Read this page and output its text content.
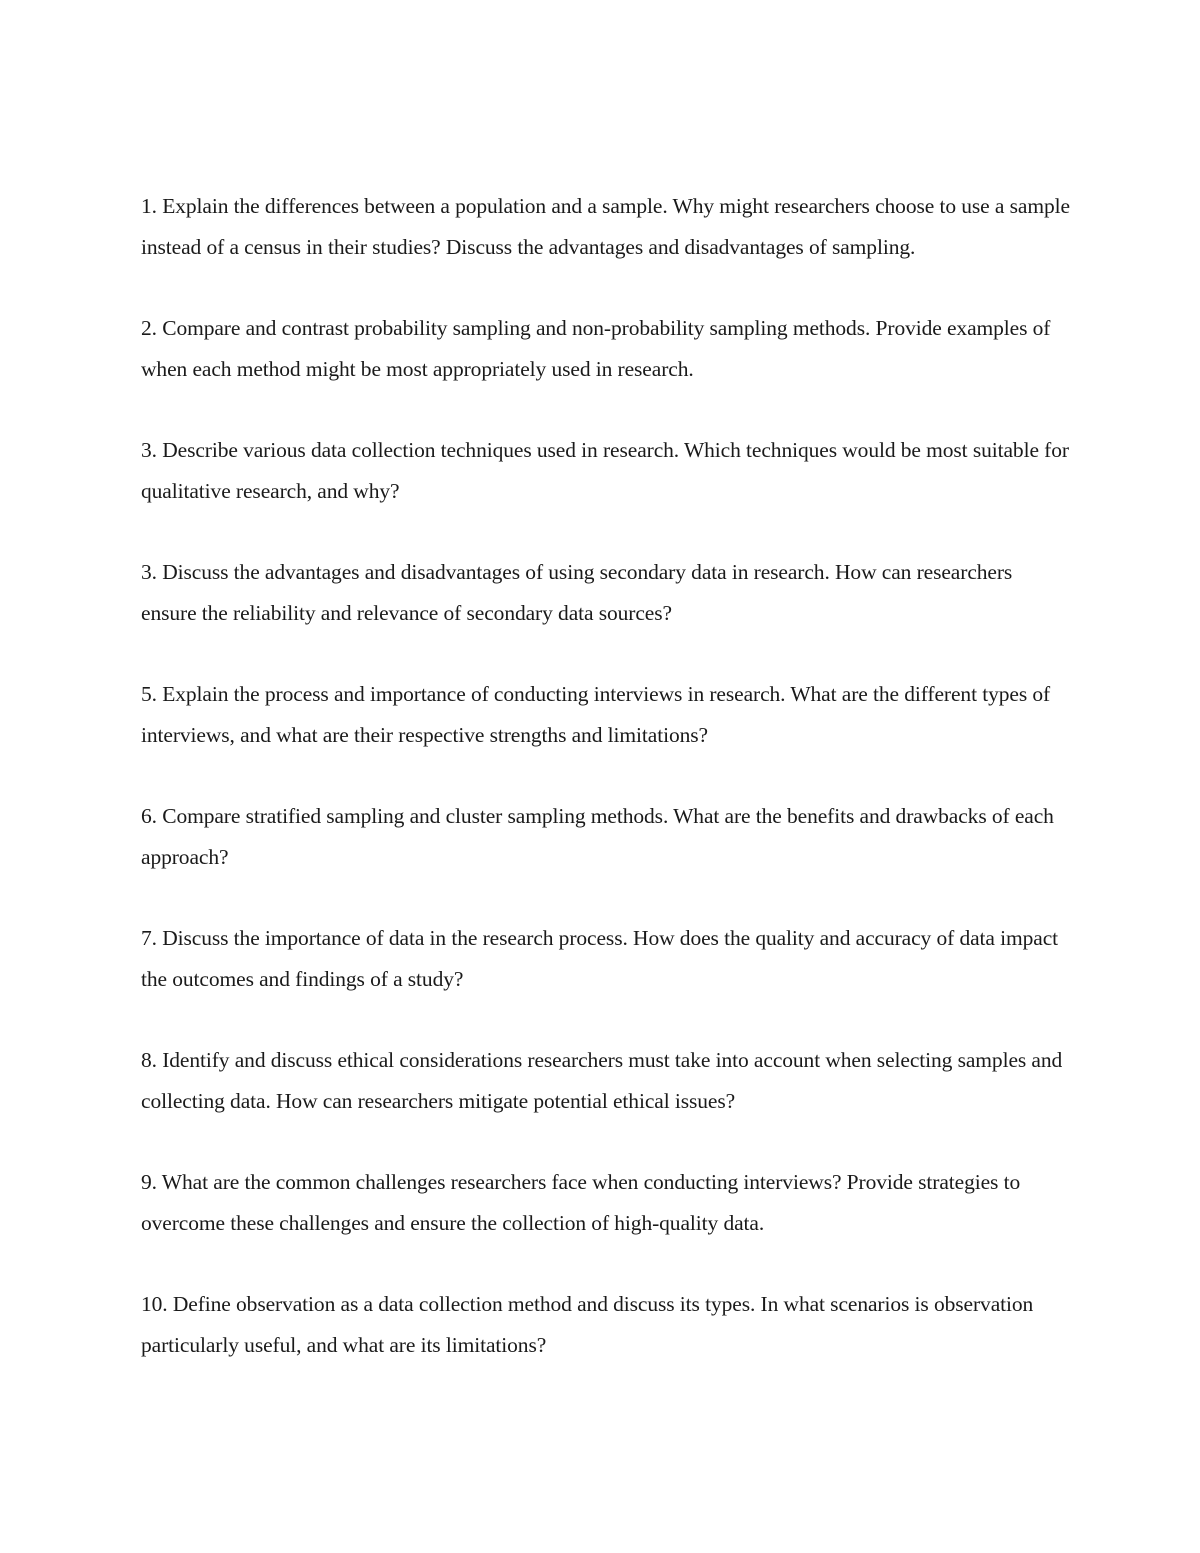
1. Explain the differences between a population and a sample. Why might researchers choose to use a sample instead of a census in their studies? Discuss the advantages and disadvantages of sampling.

2. Compare and contrast probability sampling and non-probability sampling methods. Provide examples of when each method might be most appropriately used in research.

3. Describe various data collection techniques used in research. Which techniques would be most suitable for qualitative research, and why?

3. Discuss the advantages and disadvantages of using secondary data in research. How can researchers ensure the reliability and relevance of secondary data sources?

5. Explain the process and importance of conducting interviews in research. What are the different types of interviews, and what are their respective strengths and limitations?

6. Compare stratified sampling and cluster sampling methods. What are the benefits and drawbacks of each approach?

7. Discuss the importance of data in the research process. How does the quality and accuracy of data impact the outcomes and findings of a study?

8. Identify and discuss ethical considerations researchers must take into account when selecting samples and collecting data. How can researchers mitigate potential ethical issues?

9. What are the common challenges researchers face when conducting interviews? Provide strategies to overcome these challenges and ensure the collection of high-quality data.

10. Define observation as a data collection method and discuss its types. In what scenarios is observation particularly useful, and what are its limitations?
